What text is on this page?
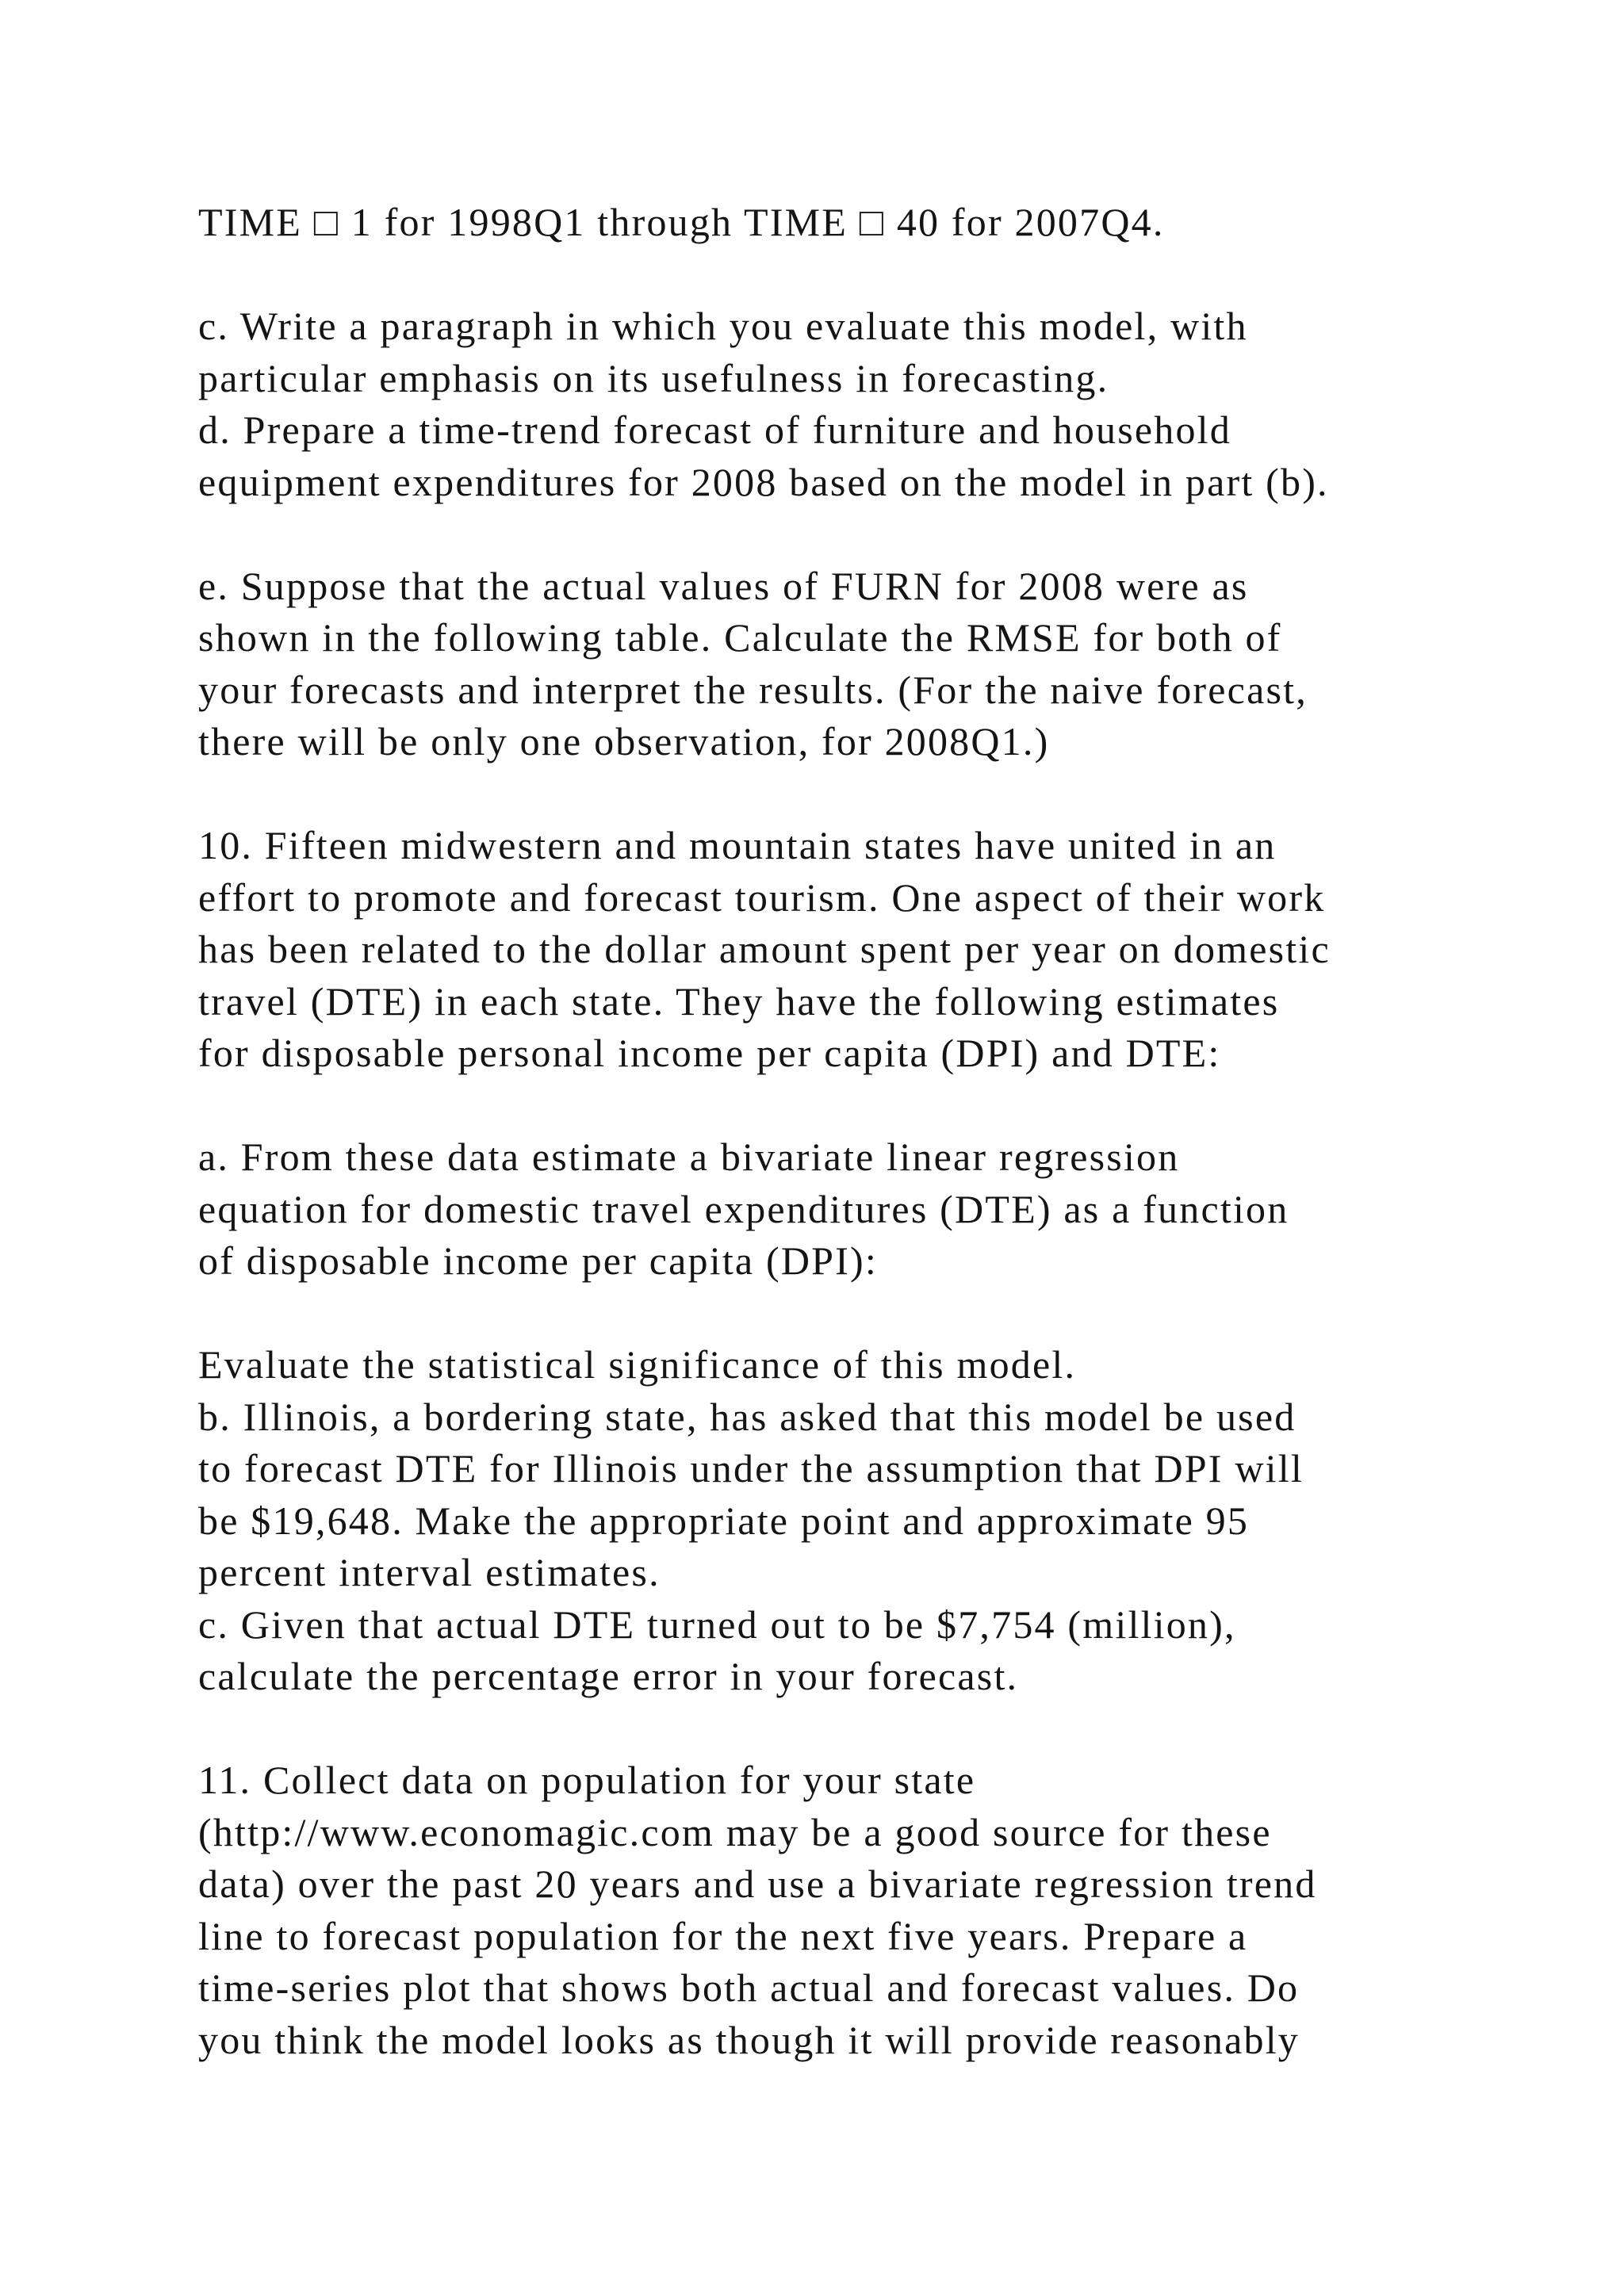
TIME □ 1 for 1998Q1 through TIME □ 40 for 2007Q4.
c. Write a paragraph in which you evaluate this model, with
particular emphasis on its usefulness in forecasting.
d. Prepare a time-trend forecast of furniture and household
equipment expenditures for 2008 based on the model in part (b).
e. Suppose that the actual values of FURN for 2008 were as
shown in the following table. Calculate the RMSE for both of
your forecasts and interpret the results. (For the naive forecast,
there will be only one observation, for 2008Q1.)
10. Fifteen midwestern and mountain states have united in an
effort to promote and forecast tourism. One aspect of their work
has been related to the dollar amount spent per year on domestic
travel (DTE) in each state. They have the following estimates
for disposable personal income per capita (DPI) and DTE:
a. From these data estimate a bivariate linear regression
equation for domestic travel expenditures (DTE) as a function
of disposable income per capita (DPI):
Evaluate the statistical significance of this model.
b. Illinois, a bordering state, has asked that this model be used
to forecast DTE for Illinois under the assumption that DPI will
be $19,648. Make the appropriate point and approximate 95
percent interval estimates.
c. Given that actual DTE turned out to be $7,754 (million),
calculate the percentage error in your forecast.
11. Collect data on population for your state
(http://www.economagic.com may be a good source for these
data) over the past 20 years and use a bivariate regression trend
line to forecast population for the next five years. Prepare a
time-series plot that shows both actual and forecast values. Do
you think the model looks as though it will provide reasonably
